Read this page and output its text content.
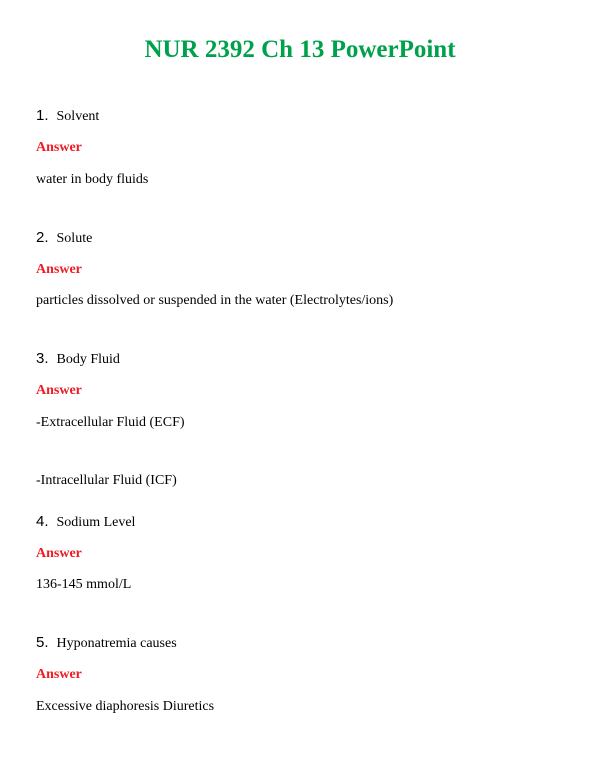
NUR 2392 Ch 13 PowerPoint
1. Solvent
Answer
water in body fluids
2. Solute
Answer
particles dissolved or suspended in the water (Electrolytes/ions)
3. Body Fluid
Answer
-Extracellular Fluid (ECF)
-Intracellular Fluid (ICF)
4. Sodium Level
Answer
136-145 mmol/L
5. Hyponatremia causes
Answer
Excessive diaphoresis Diuretics
